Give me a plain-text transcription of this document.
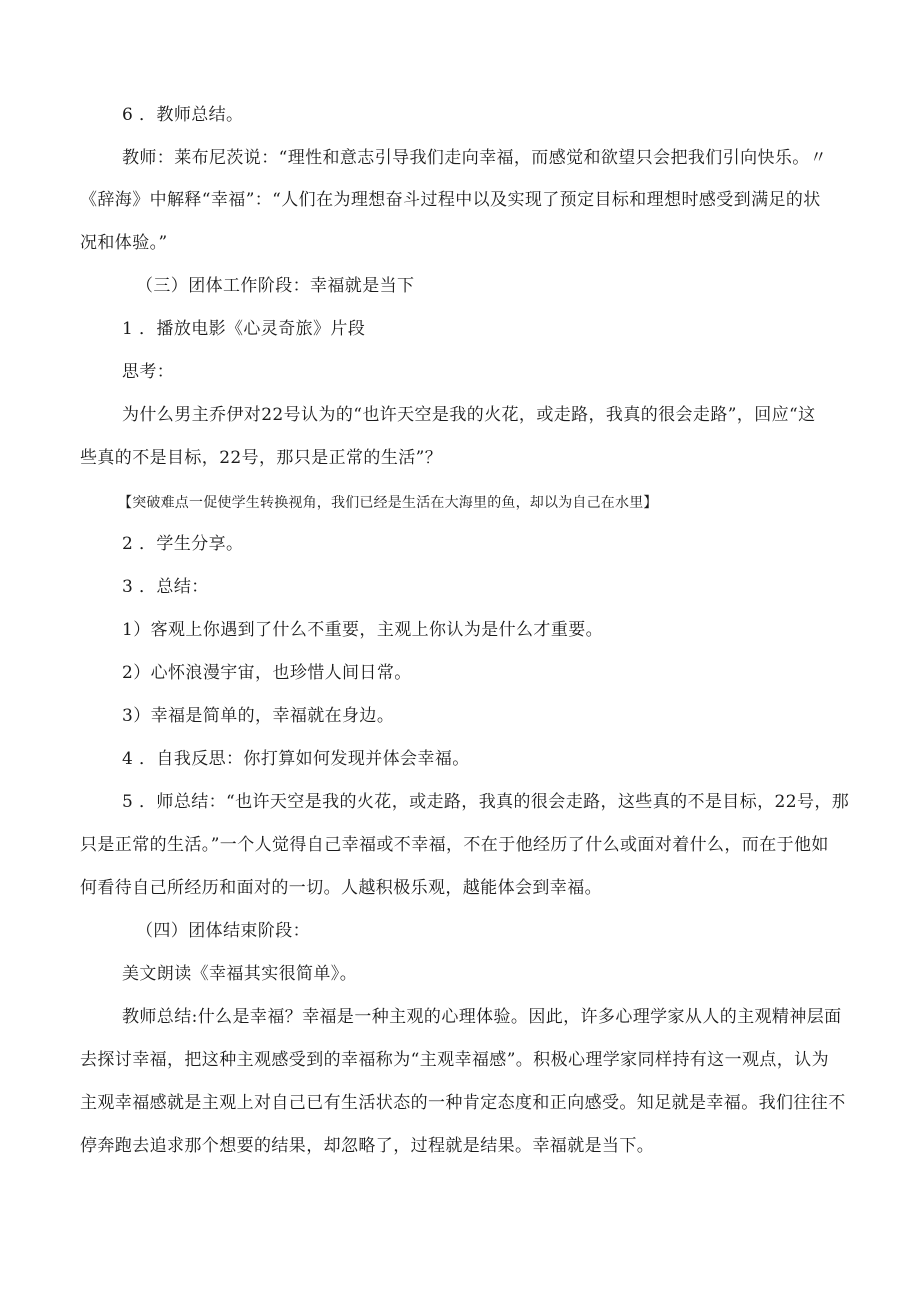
6 ．教师总结。
教师：莱布尼茨说：“理性和意志引导我们走向幸福，而感觉和欲望只会把我们引向快乐。〃
《辞海》中解释“幸福”：“人们在为理想奋斗过程中以及实现了预定目标和理想时感受到满足的状
况和体验。”
（三）团体工作阶段：幸福就是当下
1 ．播放电影《心灵奇旅》片段
思考：
为什么男主乔伊对22号认为的“也许天空是我的火花，或走路，我真的很会走路”，回应“这
些真的不是目标，22号，那只是正常的生活”？
【突破难点一促使学生转换视角，我们已经是生活在大海里的鱼，却以为自己在水里】
2 ．学生分享。
3 ．总结：
1）客观上你遇到了什么不重要，主观上你认为是什么才重要。
2）心怀浪漫宇宙，也珍惜人间日常。
3）幸福是简单的，幸福就在身边。
4 ．自我反思：你打算如何发现并体会幸福。
5 ．师总结：“也许天空是我的火花，或走路，我真的很会走路，这些真的不是目标，22号，那
只是正常的生活。”一个人觉得自己幸福或不幸福，不在于他经历了什么或面对着什么，而在于他如
何看待自己所经历和面对的一切。人越积极乐观，越能体会到幸福。
（四）团体结束阶段：
美文朗读《幸福其实很简单》。
教师总结:什么是幸福？幸福是一种主观的心理体验。因此，许多心理学家从人的主观精神层面
去探讨幸福，把这种主观感受到的幸福称为“主观幸福感”。积极心理学家同样持有这一观点，认为
主观幸福感就是主观上对自己已有生活状态的一种肯定态度和正向感受。知足就是幸福。我们往往不
停奔跑去追求那个想要的结果，却忽略了，过程就是结果。幸福就是当下。
